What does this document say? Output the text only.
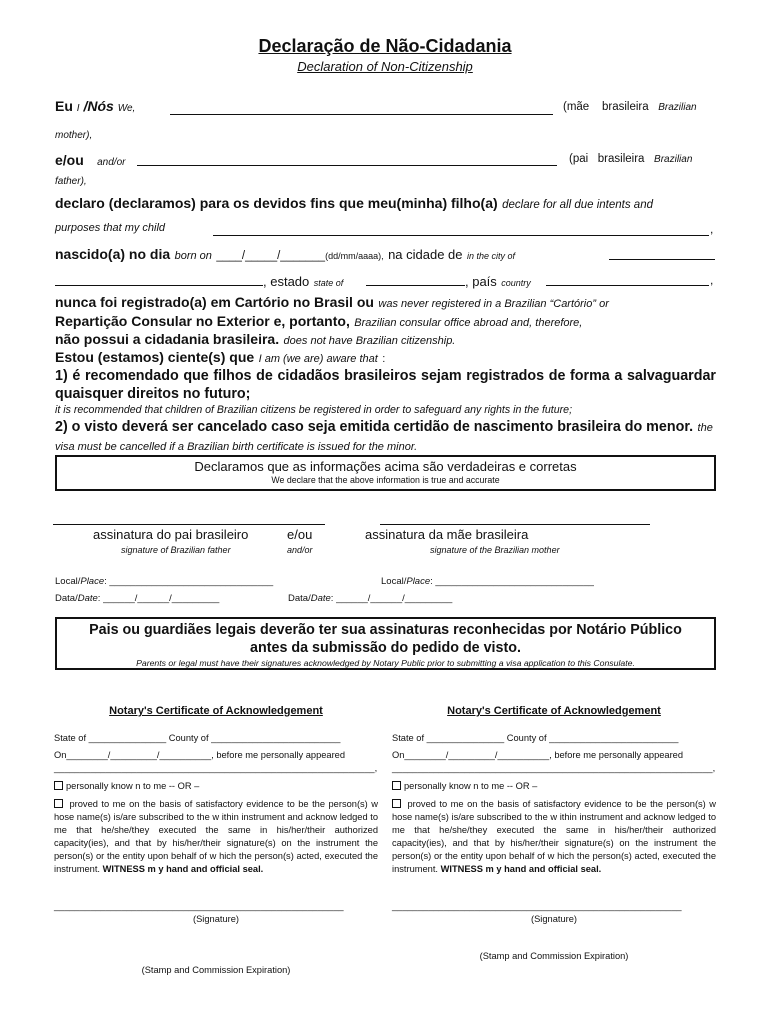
Declaração de Não-Cidadania
Declaration of Non-Citizenship
Eu I /Nós We,	(mãe brasileira Brazilian
mother),
e/ou and/or	(pai brasileira Brazilian
father),
declaro (declaramos) para os devidos fins que meu(minha) filho(a) declare for all due intents and
purposes that my child	,
nascido(a) no dia born on ____/_____/_______(dd/mm/aaaa), na cidade de in the city of
, estado state of	, país country	,
nunca foi registrado(a) em Cartório no Brasil ou was never registered in a Brazilian “Cartório” or
Repartição Consular no Exterior e, portanto, Brazilian consular office abroad and, therefore,
não possui a cidadania brasileira. does not have Brazilian citizenship.
Estou (estamos) ciente(s) que I am (we are) aware that :
1) é recomendado que filhos de cidadãos brasileiros sejam registrados de forma a salvaguardar quaisquer direitos no futuro;
it is recommended that children of Brazilian citizens be registered in order to safeguard any rights in the future;
2) o visto deverá ser cancelado caso seja emitida certidão de nascimento brasileira do menor. the visa must be cancelled if a Brazilian birth certificate is issued for the minor.
Declaramos que as informações acima são verdadeiras e corretas
We declare that the above information is true and accurate
assinatura do pai brasileiro	e/ou	assinatura da mãe brasileira
signature of Brazilian father	and/or	signature of the Brazilian mother
Local/Place: _______________________________	Local/Place: ______________________________
Data/Date: ______/______/_________	Data/Date: ______/______/_________
Pais ou guardiães legais deverão ter sua assinaturas reconhecidas por Notário Público antes da submissão do pedido de visto.
Parents or legal must have their signatures acknowledged by Notary Public prior to submitting a visa application to this Consulate.
Notary's Certificate of Acknowledgement
State of _______________ County of _________________________
On________/_________/__________, before me personally appeared
______________________________________________________________,
personally know n to me -- OR –

proved to me on the basis of satisfactory evidence to be the person(s) w hose name(s) is/are subscribed to the w ithin instrument and acknow ledged to me that he/she/they executed the same in his/her/their authorized capacity(ies), and that by his/her/their signature(s) on the instrument the person(s) or the entity upon behalf of w hich the person(s) acted, executed the instrument. WITNESS m y hand and official seal.

________________________________________________________
(Signature)
(Stamp and Commission Expiration)
Notary's Certificate of Acknowledgement
State of _______________ County of _________________________
On________/_________/__________, before me personally appeared
______________________________________________________________,
personally know n to me -- OR –

proved to me on the basis of satisfactory evidence to be the person(s) w hose name(s) is/are subscribed to the w ithin instrument and acknow ledged to me that he/she/they executed the same in his/her/their authorized capacity(ies), and that by his/her/their signature(s) on the instrument the person(s) or the entity upon behalf of w hich the person(s) acted, executed the instrument. WITNESS m y hand and official seal.

________________________________________________________
(Signature)
(Stamp and Commission Expiration)
